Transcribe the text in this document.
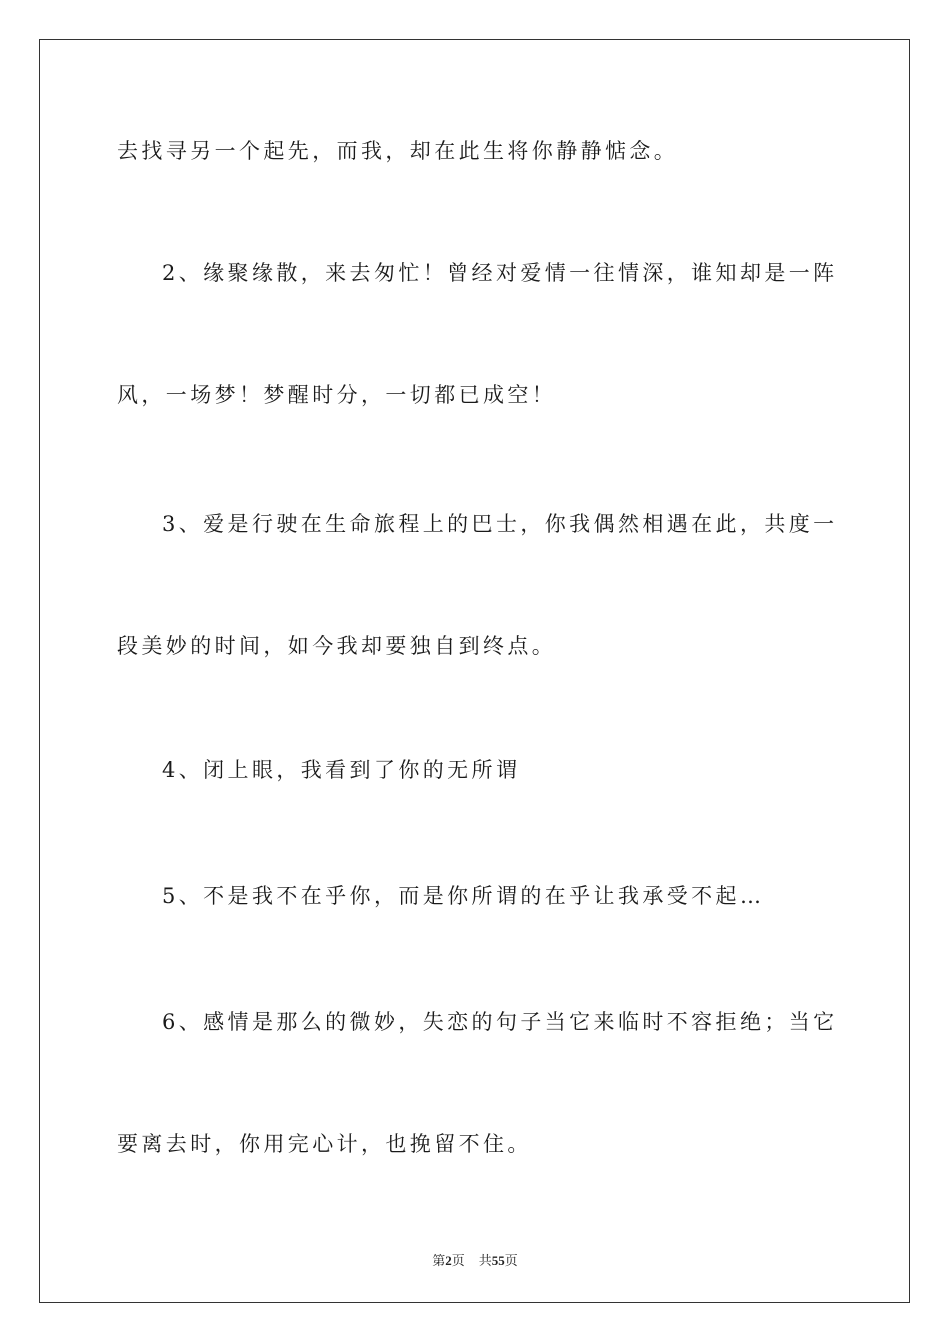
去找寻另一个起先，而我，却在此生将你静静惦念。
2、缘聚缘散，来去匆忙！曾经对爱情一往情深，谁知却是一阵
风，一场梦！梦醒时分，一切都已成空！
3、爱是行驶在生命旅程上的巴士，你我偶然相遇在此，共度一
段美妙的时间，如今我却要独自到终点。
4、闭上眼，我看到了你的无所谓
5、不是我不在乎你，而是你所谓的在乎让我承受不起…
6、感情是那么的微妙，失恋的句子当它来临时不容拒绝；当它
要离去时，你用完心计，也挽留不住。
第2页 共55页
